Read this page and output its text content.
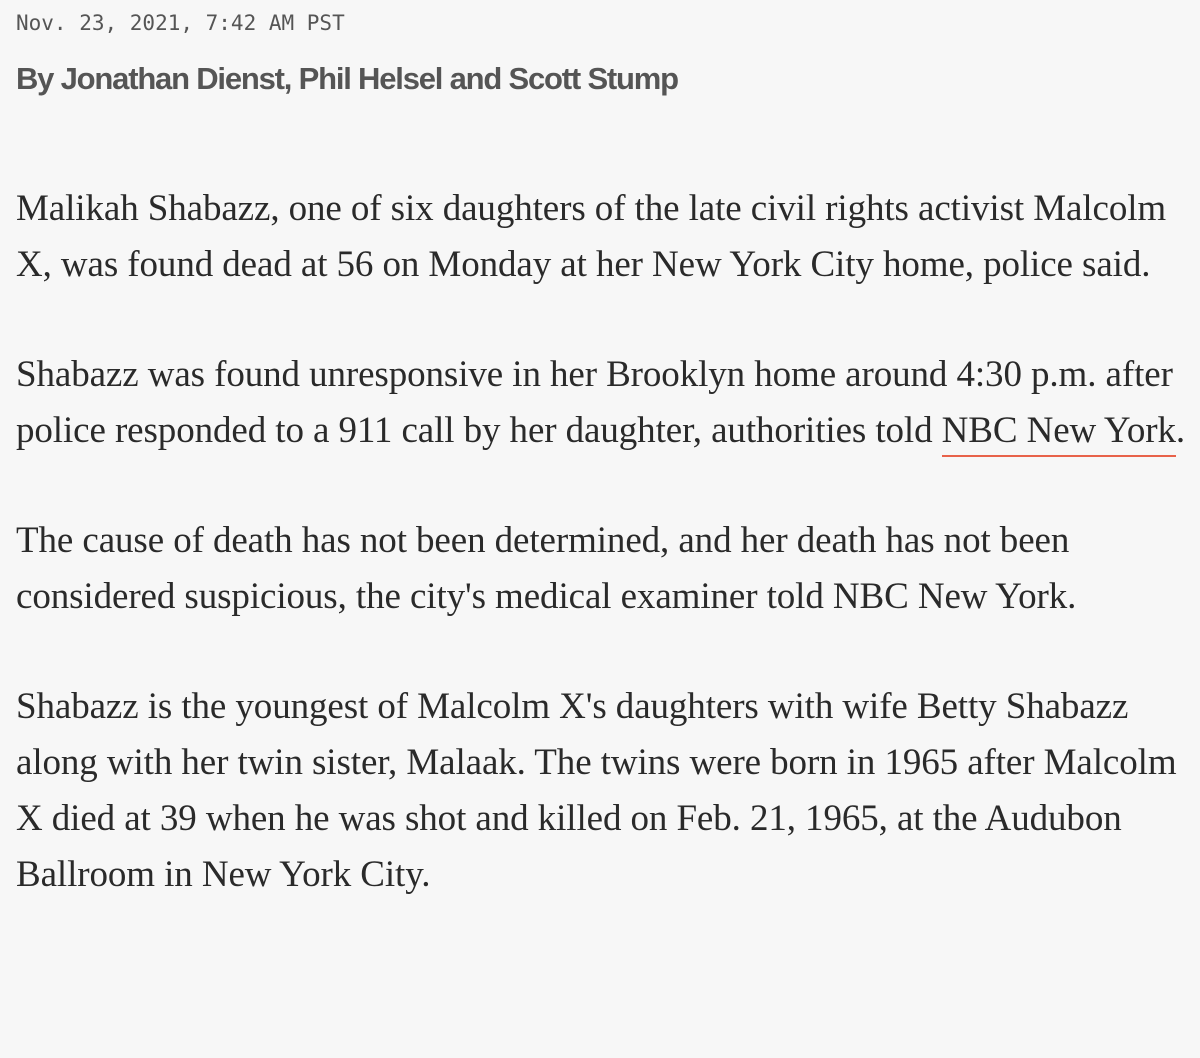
Nov. 23, 2021, 7:42 AM PST

By Jonathan Dienst, Phil Helsel and Scott Stump

Malikah Shabazz, one of six daughters of the late civil rights activist Malcolm X, was found dead at 56 on Monday at her New York City home, police said.

Shabazz was found unresponsive in her Brooklyn home around 4:30 p.m. after police responded to a 911 call by her daughter, authorities told NBC New York.

The cause of death has not been determined, and her death has not been considered suspicious, the city's medical examiner told NBC New York.

Shabazz is the youngest of Malcolm X's daughters with wife Betty Shabazz along with her twin sister, Malaak. The twins were born in 1965 after Malcolm X died at 39 when he was shot and killed on Feb. 21, 1965, at the Audubon Ballroom in New York City.
